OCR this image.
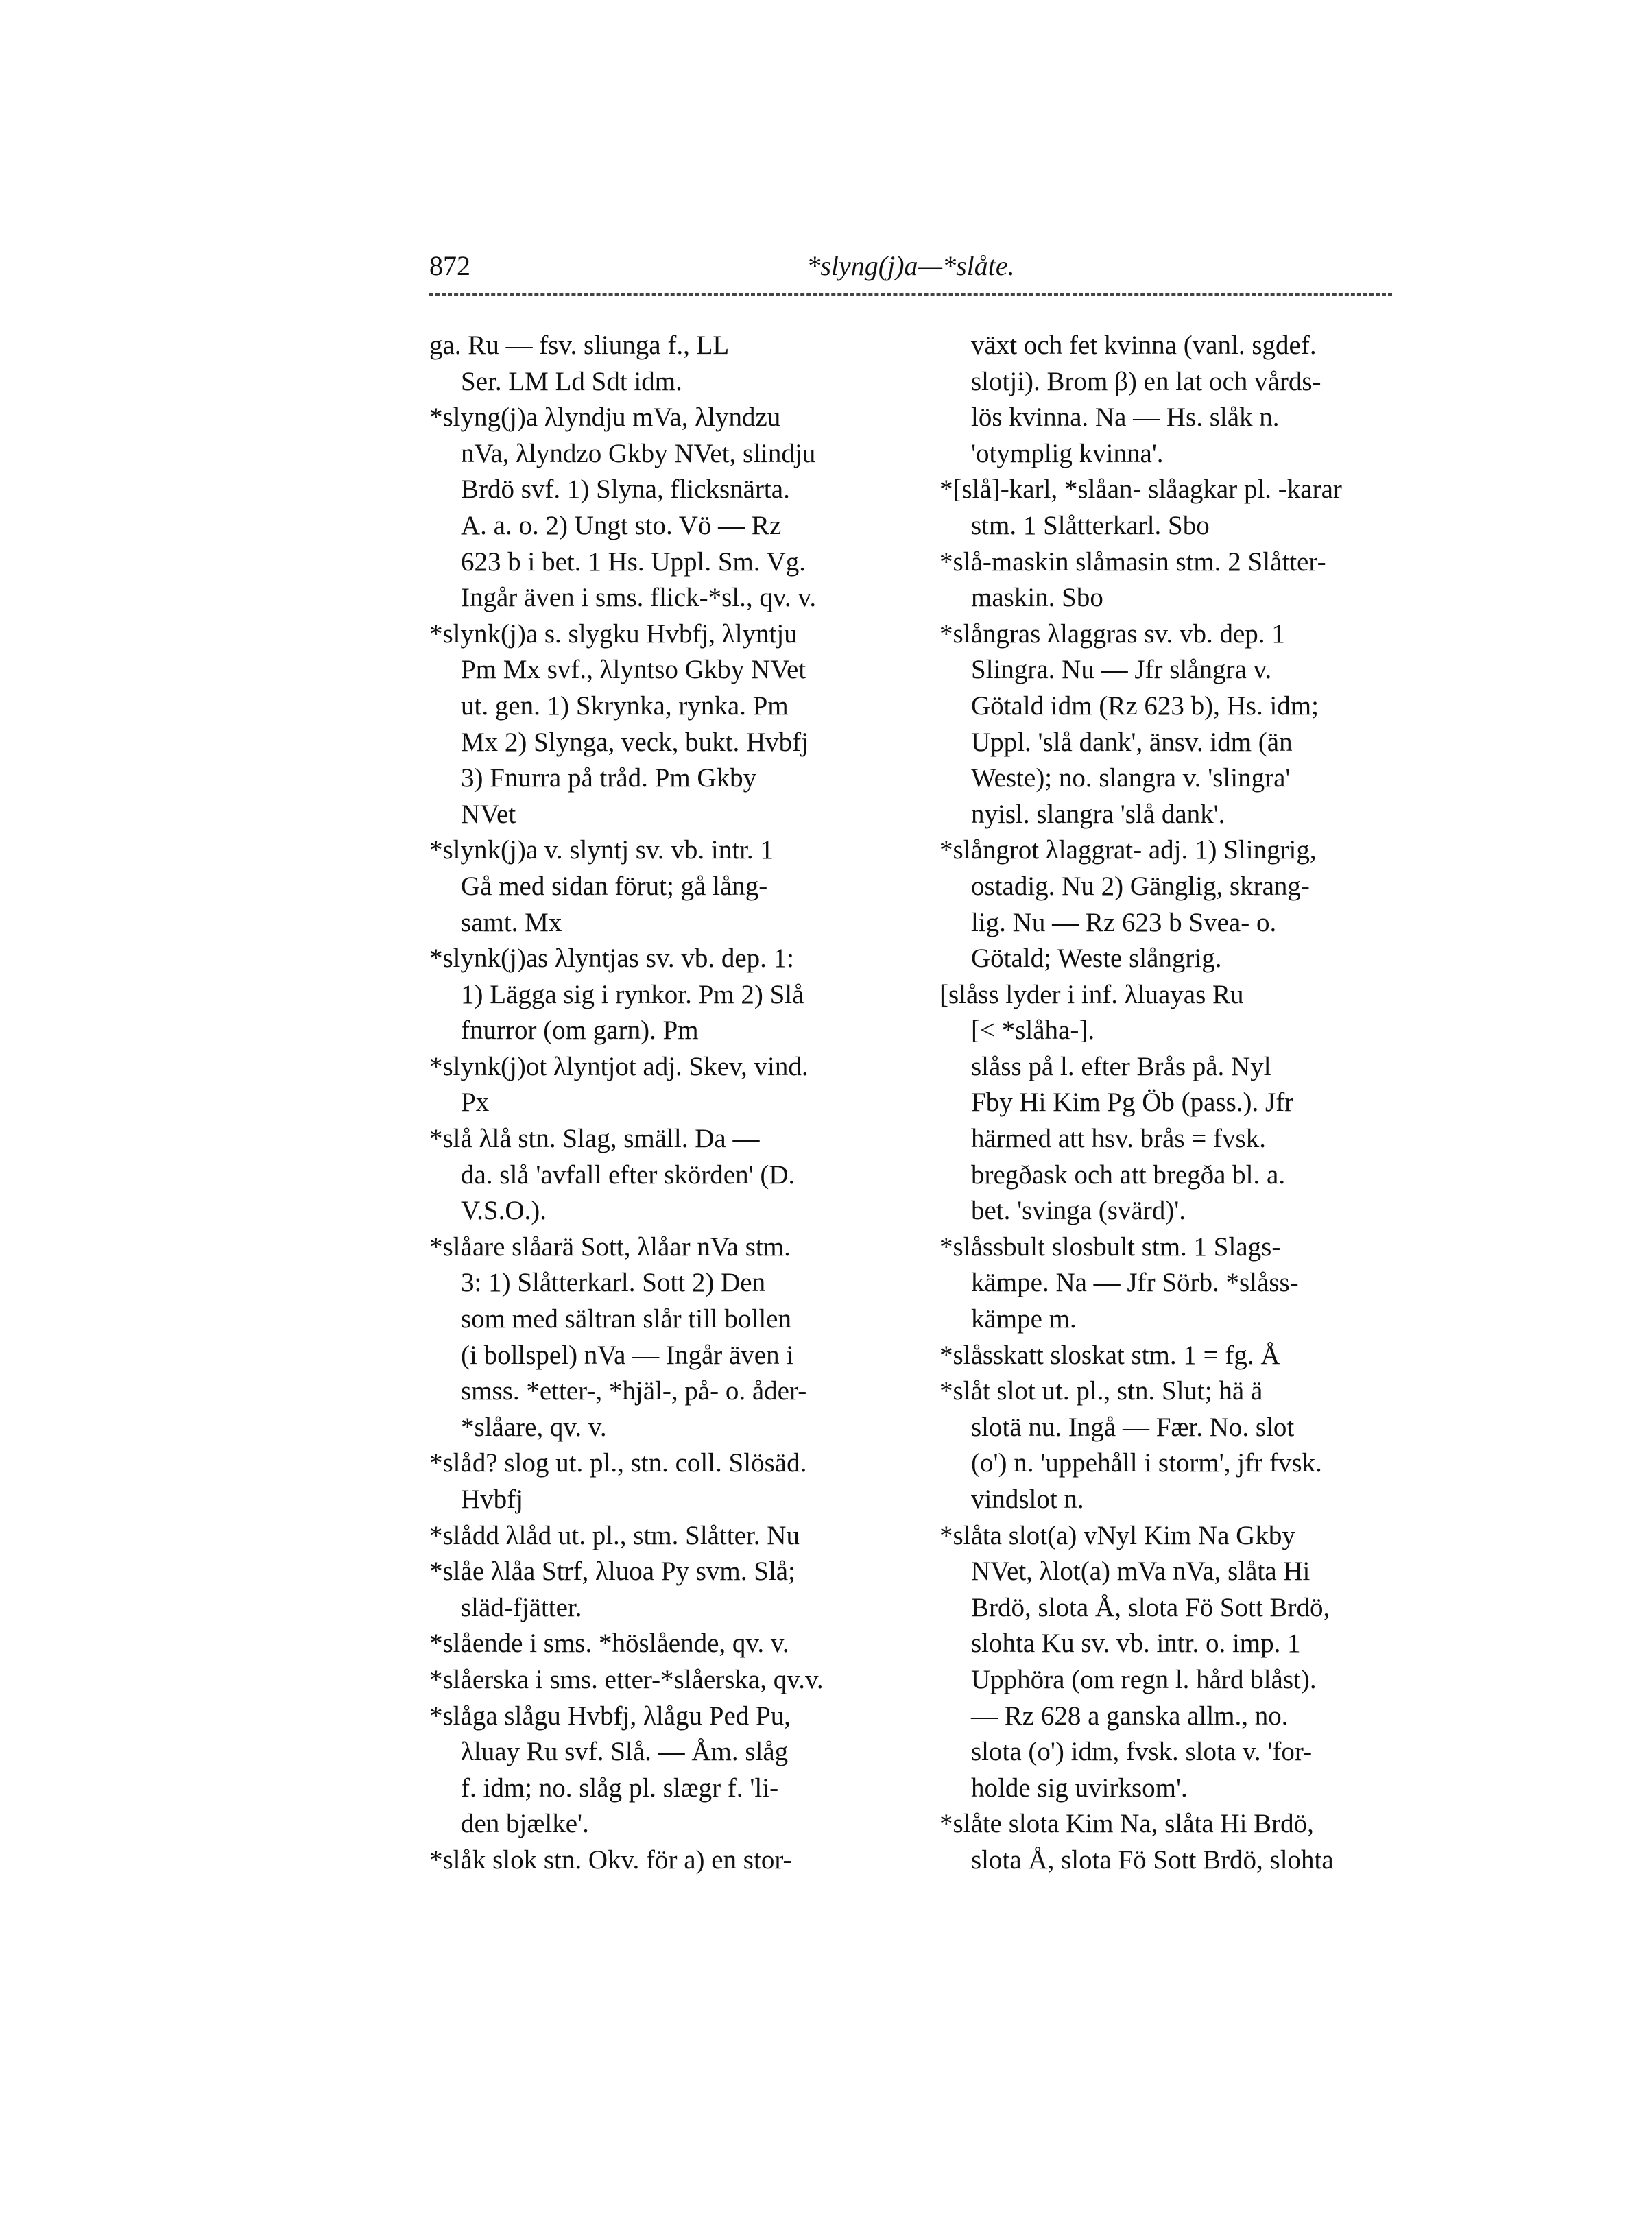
872	*slyng(j)a—*slåte.
ga. Ru — fsv. sliunga f., LL
Ser. LM Ld Sdt idm.
*slyng(j)a λlyndju mVa, λlyndzu
nVa, λlyndzo Gkby NVet, slindju
Brdö svf. 1) Slyna, flicksnärta.
A. a. o. 2) Ungt sto. Vö — Rz
623 b i bet. 1 Hs. Uppl. Sm. Vg.
Ingår även i sms. flick-*sl., qv. v.
*slynk(j)a s. slygku Hvbfj, λlyntju
Pm Mx svf., λlyntso Gkby NVet
ut. gen. 1) Skrynka, rynka. Pm
Mx 2) Slynga, veck, bukt. Hvbfj
3) Fnurra på tråd. Pm Gkby
NVet
*slynk(j)a v. slyntj sv. vb. intr. 1
Gå med sidan förut; gå lång-
samt. Mx
*slynk(j)as λlyntjas sv. vb. dep. 1:
1) Lägga sig i rynkor. Pm 2) Slå
fnurror (om garn). Pm
*slynk(j)ot λlyntjot adj. Skev, vind.
Px
*slå λlå stn. Slag, smäll. Da —
da. slå 'avfall efter skörden' (D.
V.S.O.).
*slåare slåarä Sott, λlåar nVa stm.
3: 1) Slåtterkarl. Sott 2) Den
som med sältran slår till bollen
(i bollspel) nVa — Ingår även i
smss. *etter-, *hjäl-, på- o. åder-
*slåare, qv. v.
*slåd? slog ut. pl., stn. coll. Slösäd.
Hvbfj
*slådd λlåd ut. pl., stm. Slåtter. Nu
*slåe λlåa Strf, λluoa Py svm. Slå;
släd-fjätter.
*slående i sms. *höslående, qv. v.
*slåerska i sms. etter-*slåerska, qv.v.
*slåga slågu Hvbfj, λlågu Ped Pu,
λluay Ru svf. Slå. — Åm. slåg
f. idm; no. slåg pl. slægr f. 'li-
den bjælke'.
*slåk slok stn. Okv. för a) en stor-
växt och fet kvinna (vanl. sgdef.
slotji). Brom β) en lat och vårds-
lös kvinna. Na — Hs. slåk n.
'otymplig kvinna'.
*[slå]-karl, *slåan- slåagkar pl. -karar
stm. 1 Slåtterkarl. Sbo
*slå-maskin slåmasin stm. 2 Slåtter-
maskin. Sbo
*slångras λlaggras sv. vb. dep. 1
Slingra. Nu — Jfr slångra v.
Götald idm (Rz 623 b), Hs. idm;
Uppl. 'slå dank', änsv. idm (än
Weste); no. slangra v. 'slingra'
nyisl. slangra 'slå dank'.
*slångrot λlaggrat- adj. 1) Slingrig,
ostadig. Nu 2) Gänglig, skrang-
lig. Nu — Rz 623 b Svea- o.
Götald; Weste slångrig.
[slåss lyder i inf. λluayas Ru
[< *slåha-].
slåss på l. efter Brås på. Nyl
Fby Hi Kim Pg Öb (pass.). Jfr
härmed att hsv. brås = fvsk.
bregðask och att bregða bl. a.
bet. 'svinga (svärd)'.
*slåssbult slosbult stm. 1 Slags-
kämpe. Na — Jfr Sörb. *slåss-
kämpe m.
*slåsskatt sloskat stm. 1 = fg. Å
*slåt slot ut. pl., stn. Slut; hä ä
slotä nu. Ingå — Fær. No. slot
(o') n. 'uppehåll i storm', jfr fvsk.
vindslot n.
*slåta slot(a) vNyl Kim Na Gkby
NVet, λlot(a) mVa nVa, slåta Hi
Brdö, slota Å, slota Fö Sott Brdö,
slohta Ku sv. vb. intr. o. imp. 1
Upphöra (om regn l. hård blåst).
— Rz 628 a ganska allm., no.
slota (o') idm, fvsk. slota v. 'for-
holde sig uvirksom'.
*slåte slota Kim Na, slåta Hi Brdö,
slota Å, slota Fö Sott Brdö, slohta
